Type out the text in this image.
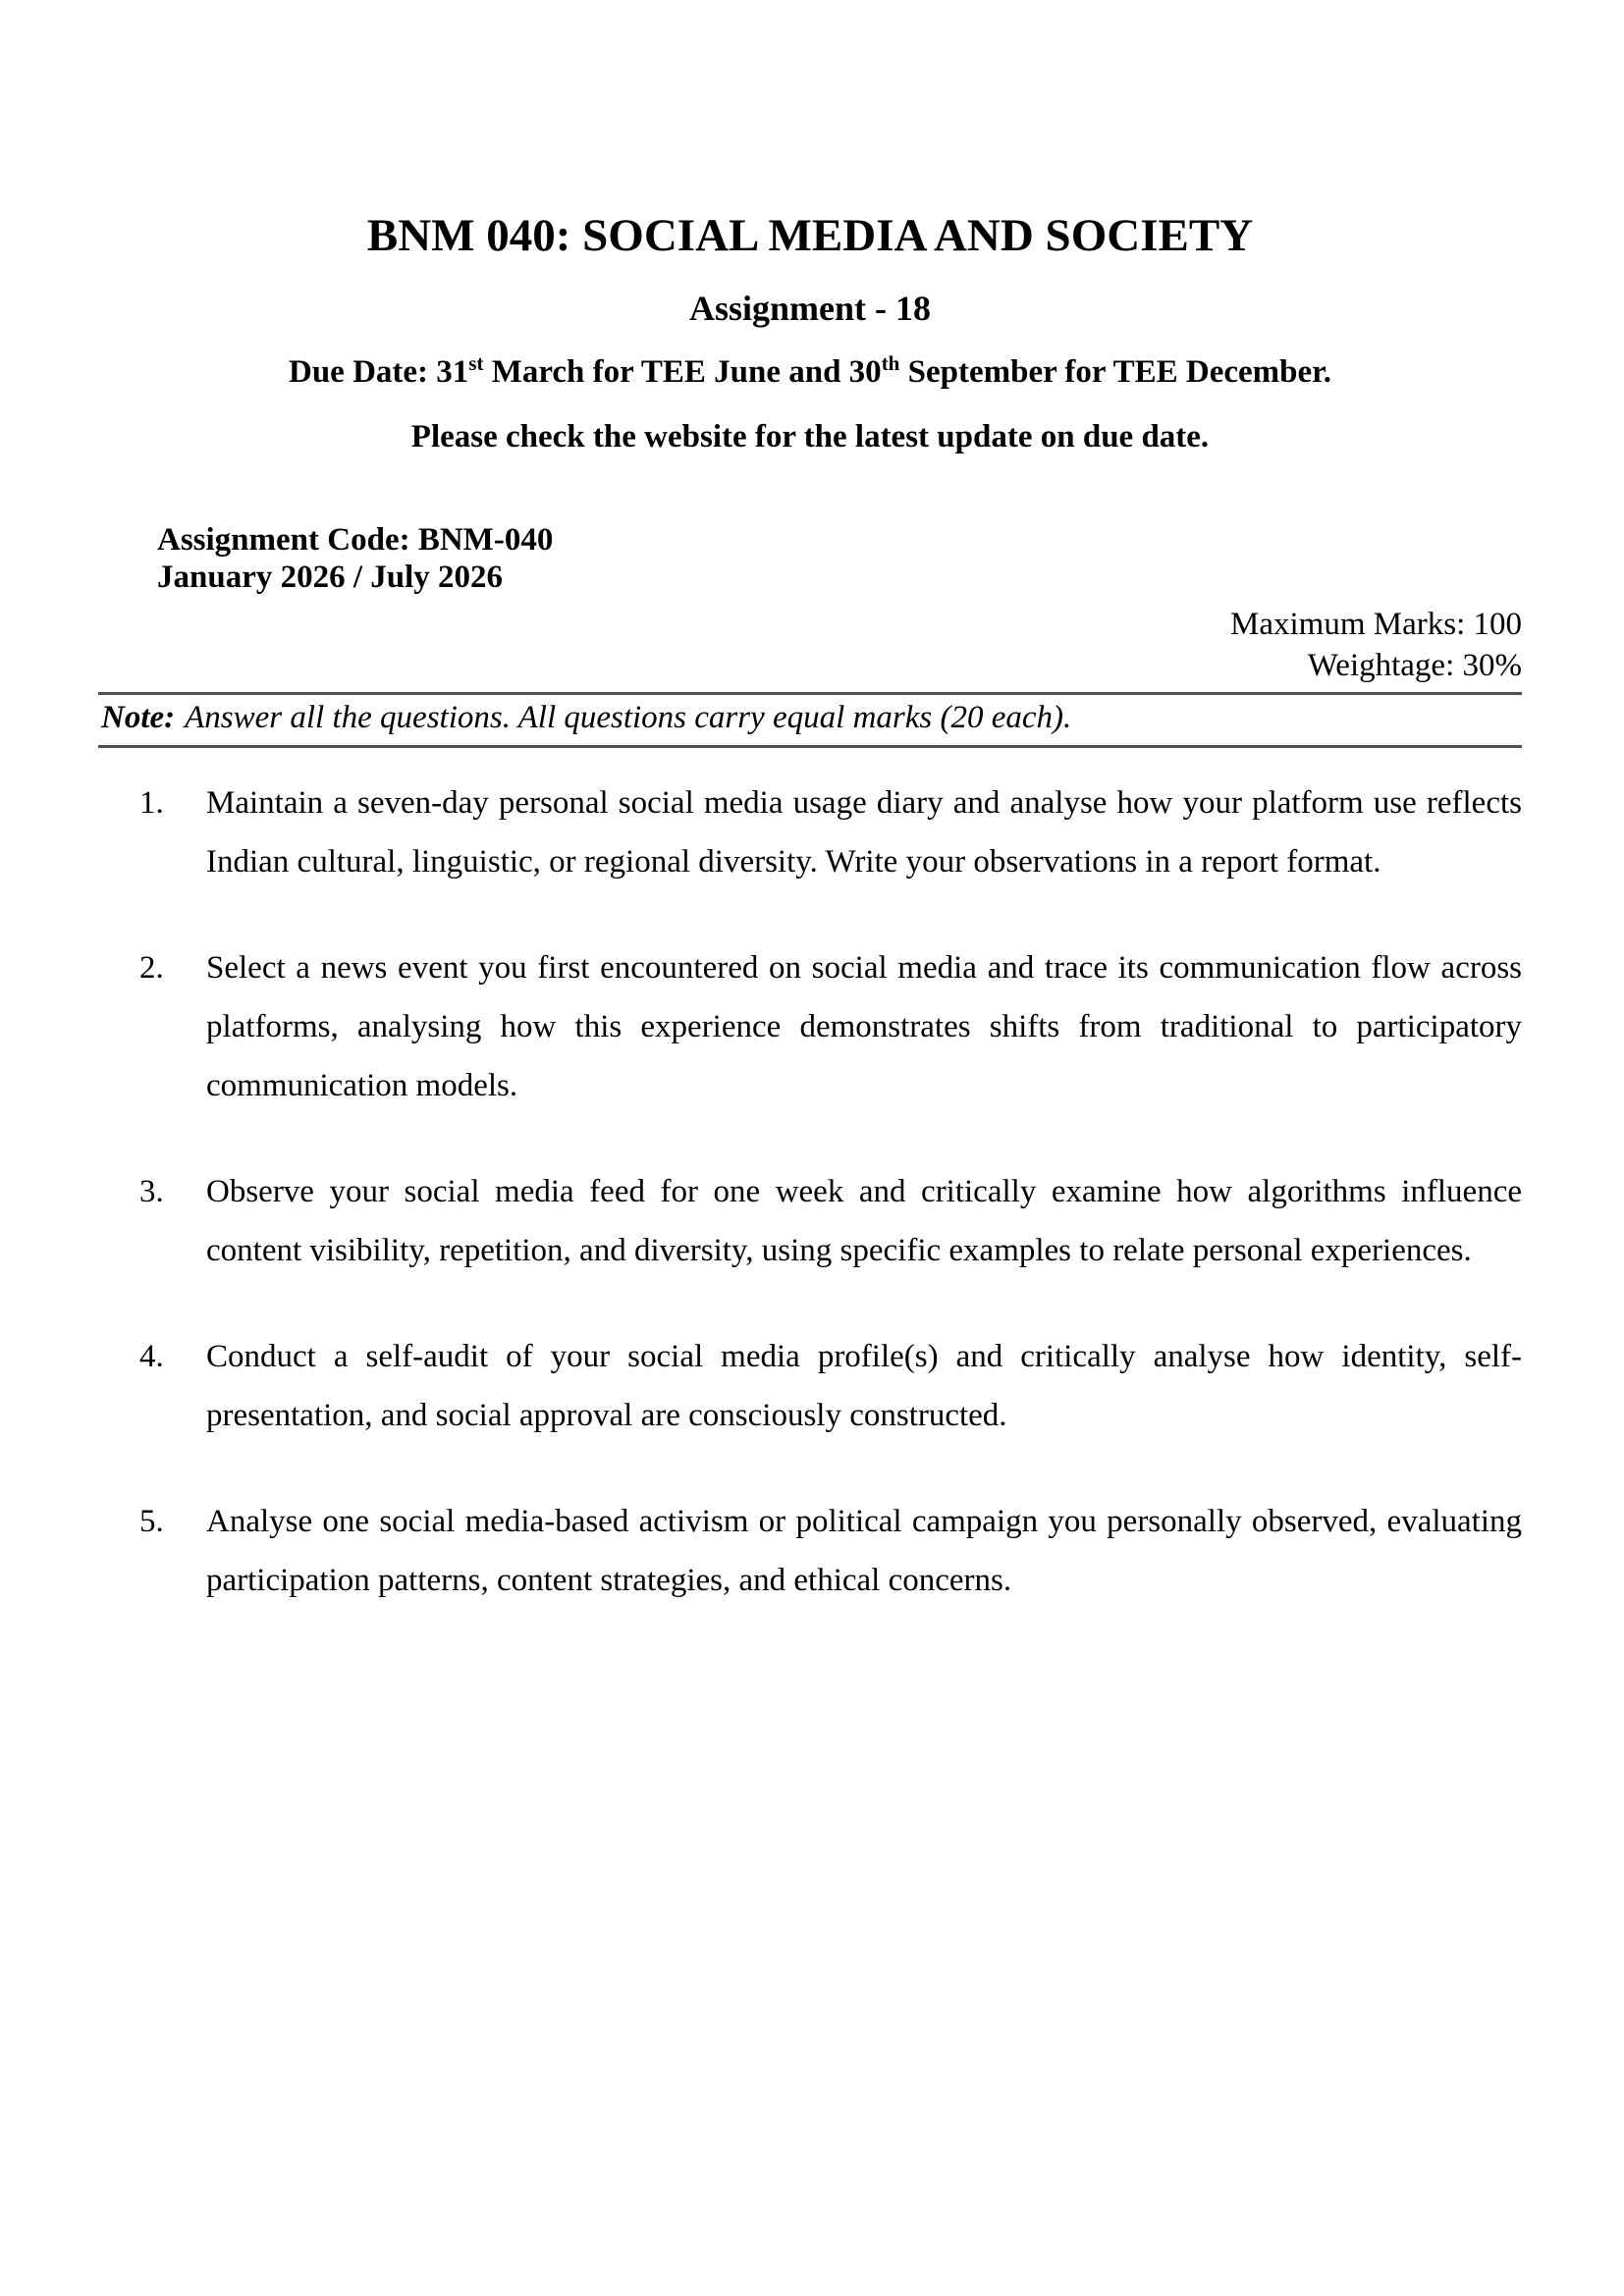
BNM 040: SOCIAL MEDIA AND SOCIETY
Assignment - 18
Due Date: 31st March for TEE June and 30th September for TEE December.
Please check the website for the latest update on due date.
Assignment Code: BNM-040
January 2026 / July 2026
Maximum Marks: 100
Weightage: 30%
Note: Answer all the questions. All questions carry equal marks (20 each).
1.	Maintain a seven-day personal social media usage diary and analyse how your platform use reflects Indian cultural, linguistic, or regional diversity. Write your observations in a report format.
2.	Select a news event you first encountered on social media and trace its communication flow across platforms, analysing how this experience demonstrates shifts from traditional to participatory communication models.
3.	Observe your social media feed for one week and critically examine how algorithms influence content visibility, repetition, and diversity, using specific examples to relate personal experiences.
4.	Conduct a self-audit of your social media profile(s) and critically analyse how identity, self-presentation, and social approval are consciously constructed.
5.	Analyse one social media-based activism or political campaign you personally observed, evaluating participation patterns, content strategies, and ethical concerns.
